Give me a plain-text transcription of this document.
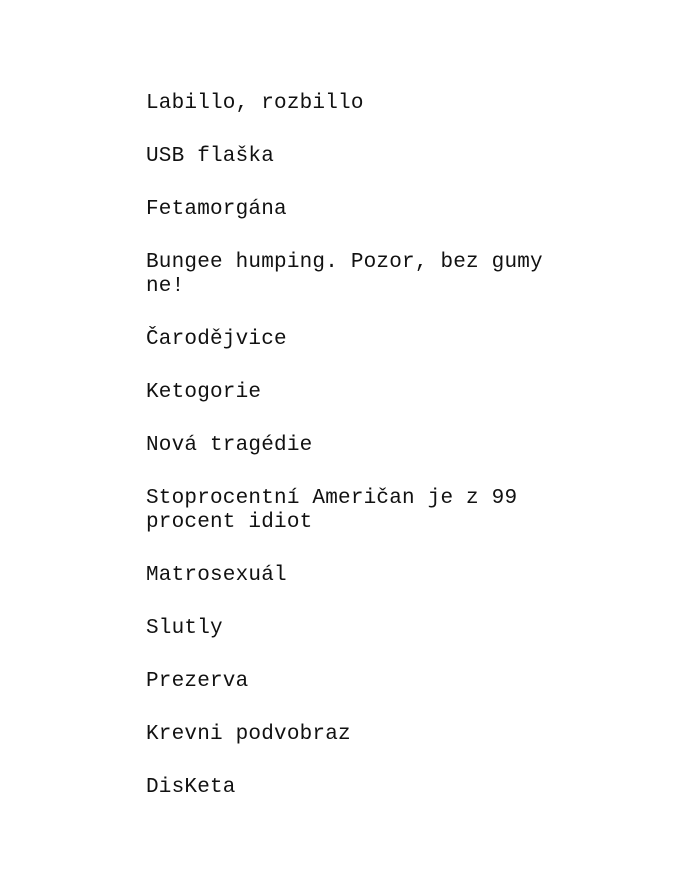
Labillo, rozbillo
USB flaška
Fetamorgána
Bungee humping. Pozor, bez gumy ne!
Čarodějvice
Ketogorie
Nová tragédie
Stoprocentní Američan je z 99 procent idiot
Matrosexuál
Slutly
Prezerva
Krevni podvobraz
DisKeta
